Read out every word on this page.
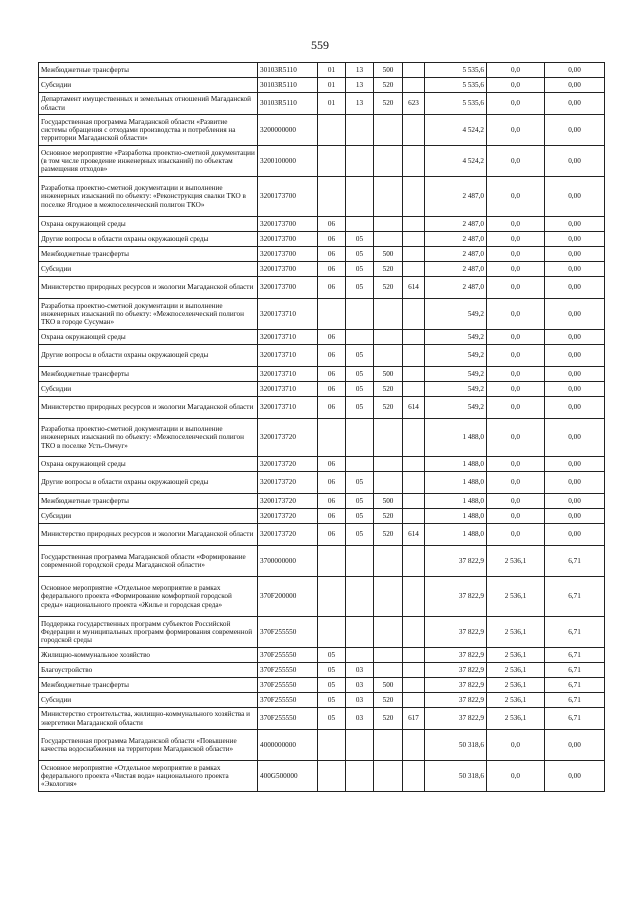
559
Межбюджетные трансферты	30103R5110	01	13	500		5 535,6	0,0	0,00
Субсидии	30103R5110	01	13	520		5 535,6	0,0	0,00
Департамент имущественных и земельных отношений Магаданской области	30103R5110	01	13	520	623	5 535,6	0,0	0,00
Государственная программа Магаданской области «Развитие системы обращения с отходами производства и потребления на территории Магаданской области»	3200000000					4 524,2	0,0	0,00
Основное мероприятие «Разработка проектно-сметной документации (в том числе проведение инженерных изысканий) по объектам размещения отходов»	3200100000					4 524,2	0,0	0,00
Разработка проектно-сметной документации и выполнение инженерных изысканий по объекту: «Реконструкция свалки ТКО в поселке Ягодное в межпоселенческий полигон ТКО»	3200173700					2 487,0	0,0	0,00
Охрана окружающей среды	3200173700	06				2 487,0	0,0	0,00
Другие вопросы в области охраны окружающей среды	3200173700	06	05			2 487,0	0,0	0,00
Межбюджетные трансферты	3200173700	06	05	500		2 487,0	0,0	0,00
Субсидии	3200173700	06	05	520		2 487,0	0,0	0,00
Министерство природных ресурсов и экологии Магаданской области	3200173700	06	05	520	614	2 487,0	0,0	0,00
Разработка проектно-сметной документации и выполнение инженерных изысканий по объекту: «Межпоселенческий полигон ТКО в городе Сусуман»	3200173710					549,2	0,0	0,00
Охрана окружающей среды	3200173710	06				549,2	0,0	0,00
Другие вопросы в области охраны окружающей среды	3200173710	06	05			549,2	0,0	0,00
Межбюджетные трансферты	3200173710	06	05	500		549,2	0,0	0,00
Субсидии	3200173710	06	05	520		549,2	0,0	0,00
Министерство природных ресурсов и экологии Магаданской области	3200173710	06	05	520	614	549,2	0,0	0,00
Разработка проектно-сметной документации и выполнение инженерных изысканий по объекту: «Межпоселенческий полигон ТКО в поселке Усть-Омчуг»	3200173720					1 488,0	0,0	0,00
Охрана окружающей среды	3200173720	06				1 488,0	0,0	0,00
Другие вопросы в области охраны окружающей среды	3200173720	06	05			1 488,0	0,0	0,00
Межбюджетные трансферты	3200173720	06	05	500		1 488,0	0,0	0,00
Субсидии	3200173720	06	05	520		1 488,0	0,0	0,00
Министерство природных ресурсов и экологии Магаданской области	3200173720	06	05	520	614	1 488,0	0,0	0,00
Государственная программа Магаданской области «Формирование современной городской среды Магаданской области»	3700000000					37 822,9	2 536,1	6,71
Основное мероприятие «Отдельное мероприятие в рамках федерального проекта «Формирование комфортной городской среды» национального проекта «Жилье и городская среда»	370F200000					37 822,9	2 536,1	6,71
Поддержка государственных программ субъектов Российской Федерации и муниципальных программ формирования современной городской среды	370F255550					37 822,9	2 536,1	6,71
Жилищно-коммунальное хозяйство	370F255550	05				37 822,9	2 536,1	6,71
Благоустройство	370F255550	05	03			37 822,9	2 536,1	6,71
Межбюджетные трансферты	370F255550	05	03	500		37 822,9	2 536,1	6,71
Субсидии	370F255550	05	03	520		37 822,9	2 536,1	6,71
Министерство строительства, жилищно-коммунального хозяйства и энергетики Магаданской области	370F255550	05	03	520	617	37 822,9	2 536,1	6,71
Государственная программа Магаданской области «Повышение качества водоснабжения на территории Магаданской области»	4000000000					50 318,6	0,0	0,00
Основное мероприятие «Отдельное мероприятие в рамках федерального проекта «Чистая вода» национального проекта «Экология»	400G500000					50 318,6	0,0	0,00
